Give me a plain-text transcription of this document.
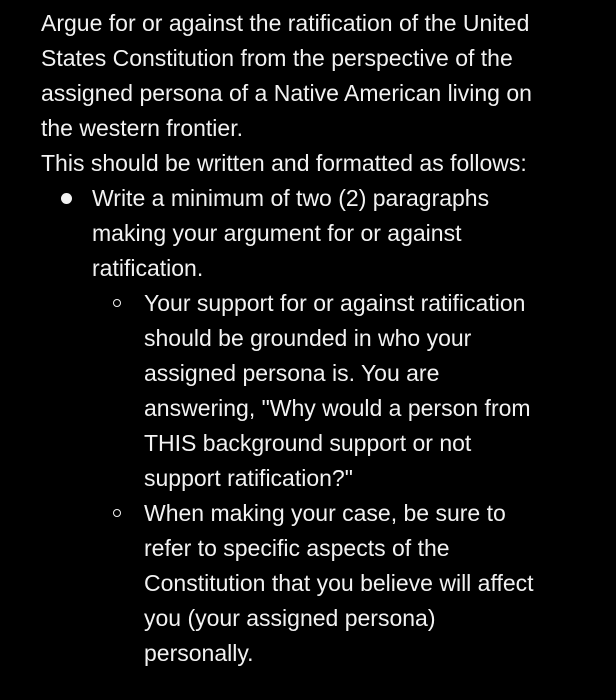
Argue for or against the ratification of the United
States Constitution from the perspective of the
assigned persona of a Native American living on
the western frontier.

This should be written and formatted as follows:

Write a minimum of two (2) paragraphs
making your argument for or against
ratification.
Your support for or against ratification
should be grounded in who your
assigned persona is. You are
answering, "Why would a person from
THIS background support or not
support ratification?"
When making your case, be sure to
refer to specific aspects of the
Constitution that you believe will affect
you (your assigned persona)
personally.
